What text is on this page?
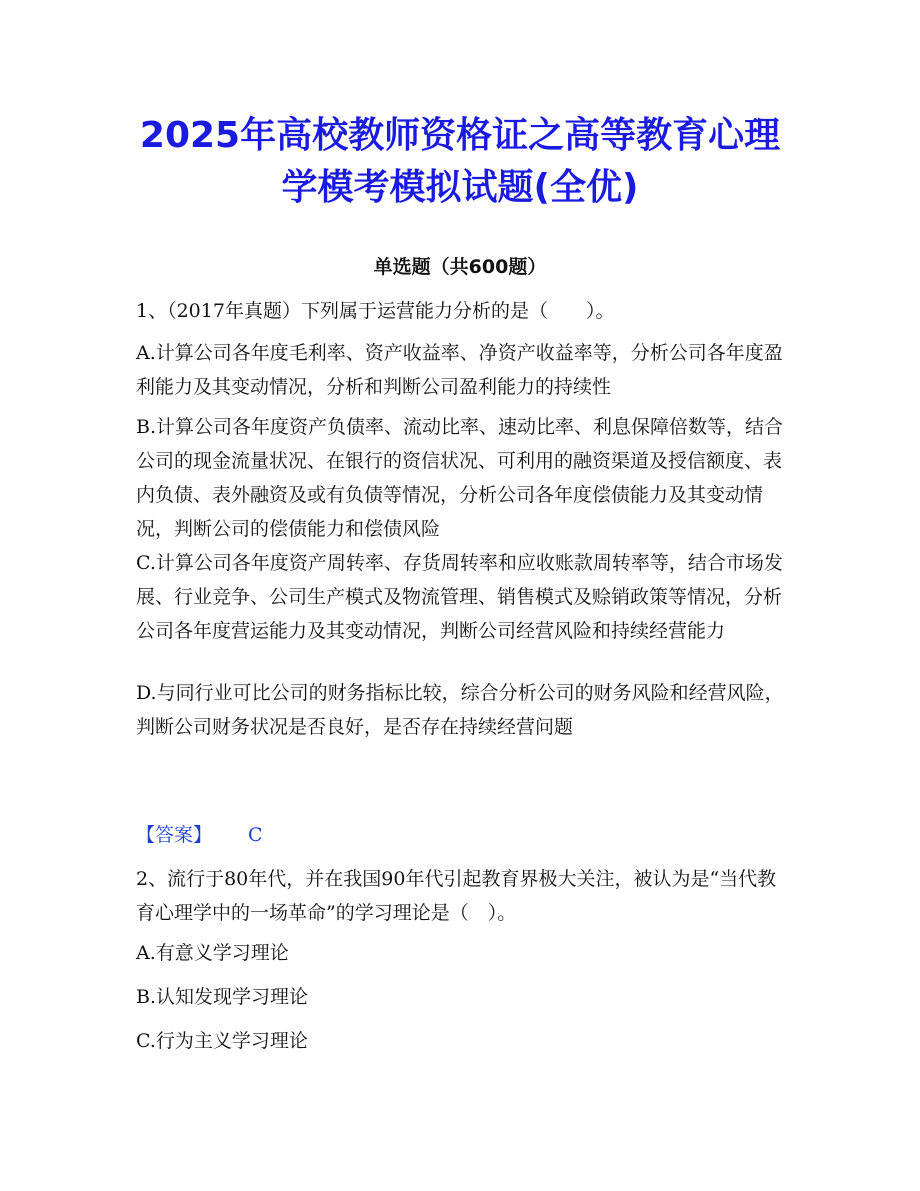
2025年高校教师资格证之高等教育心理
学模考模拟试题(全优)
单选题（共600题）

1、（2017年真题）下列属于运营能力分析的是（　　）。

A.计算公司各年度毛利率、资产收益率、净资产收益率等，分析公司各年度盈利能力及其变动情况，分析和判断公司盈利能力的持续性

B.计算公司各年度资产负债率、流动比率、速动比率、利息保障倍数等，结合公司的现金流量状况、在银行的资信状况、可利用的融资渠道及授信额度、表内负债、表外融资及或有负债等情况，分析公司各年度偿债能力及其变动情况，判断公司的偿债能力和偿债风险

C.计算公司各年度资产周转率、存货周转率和应收账款周转率等，结合市场发展、行业竞争、公司生产模式及物流管理、销售模式及赊销政策等情况，分析公司各年度营运能力及其变动情况，判断公司经营风险和持续经营能力

D.与同行业可比公司的财务指标比较，综合分析公司的财务风险和经营风险，判断公司财务状况是否良好，是否存在持续经营问题

【答案】 C

2、流行于80年代，并在我国90年代引起教育界极大关注，被认为是“当代教育心理学中的一场革命”的学习理论是（　）。

A.有意义学习理论

B.认知发现学习理论

C.行为主义学习理论
